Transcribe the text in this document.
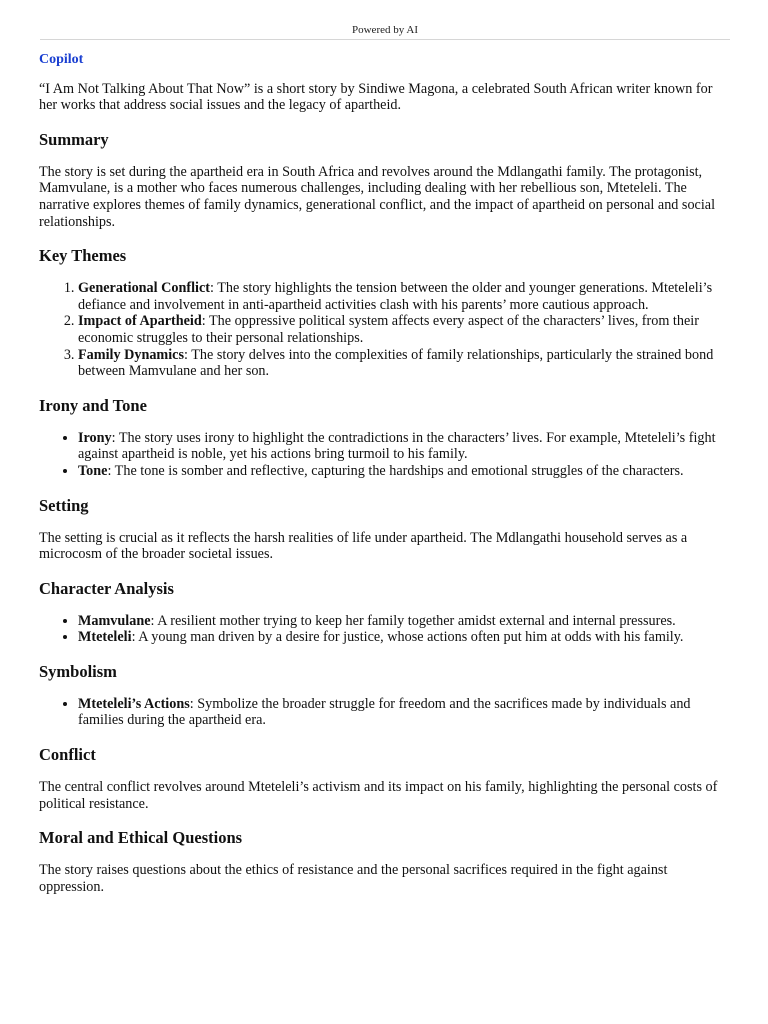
Powered by AI
Copilot

“I Am Not Talking About That Now” is a short story by Sindiwe Magona, a celebrated South African writer known for her works that address social issues and the legacy of apartheid.

Summary

The story is set during the apartheid era in South Africa and revolves around the Mdlangathi family. The protagonist, Mamvulane, is a mother who faces numerous challenges, including dealing with her rebellious son, Mteteleli. The narrative explores themes of family dynamics, generational conflict, and the impact of apartheid on personal and social relationships.

Key Themes
1. Generational Conflict: The story highlights the tension between the older and younger generations. Mteteleli’s defiance and involvement in anti-apartheid activities clash with his parents’ more cautious approach.
2. Impact of Apartheid: The oppressive political system affects every aspect of the characters’ lives, from their economic struggles to their personal relationships.
3. Family Dynamics: The story delves into the complexities of family relationships, particularly the strained bond between Mamvulane and her son.
Irony and Tone
• Irony: The story uses irony to highlight the contradictions in the characters’ lives. For example, Mteteleli’s fight against apartheid is noble, yet his actions bring turmoil to his family.
• Tone: The tone is somber and reflective, capturing the hardships and emotional struggles of the characters.
Setting

The setting is crucial as it reflects the harsh realities of life under apartheid. The Mdlangathi household serves as a microcosm of the broader societal issues.

Character Analysis
• Mamvulane: A resilient mother trying to keep her family together amidst external and internal pressures.
• Mteteleli: A young man driven by a desire for justice, whose actions often put him at odds with his family.
Symbolism
• Mteteleli’s Actions: Symbolize the broader struggle for freedom and the sacrifices made by individuals and families during the apartheid era.
Conflict

The central conflict revolves around Mteteleli’s activism and its impact on his family, highlighting the personal costs of political resistance.

Moral and Ethical Questions

The story raises questions about the ethics of resistance and the personal sacrifices required in the fight against oppression.
